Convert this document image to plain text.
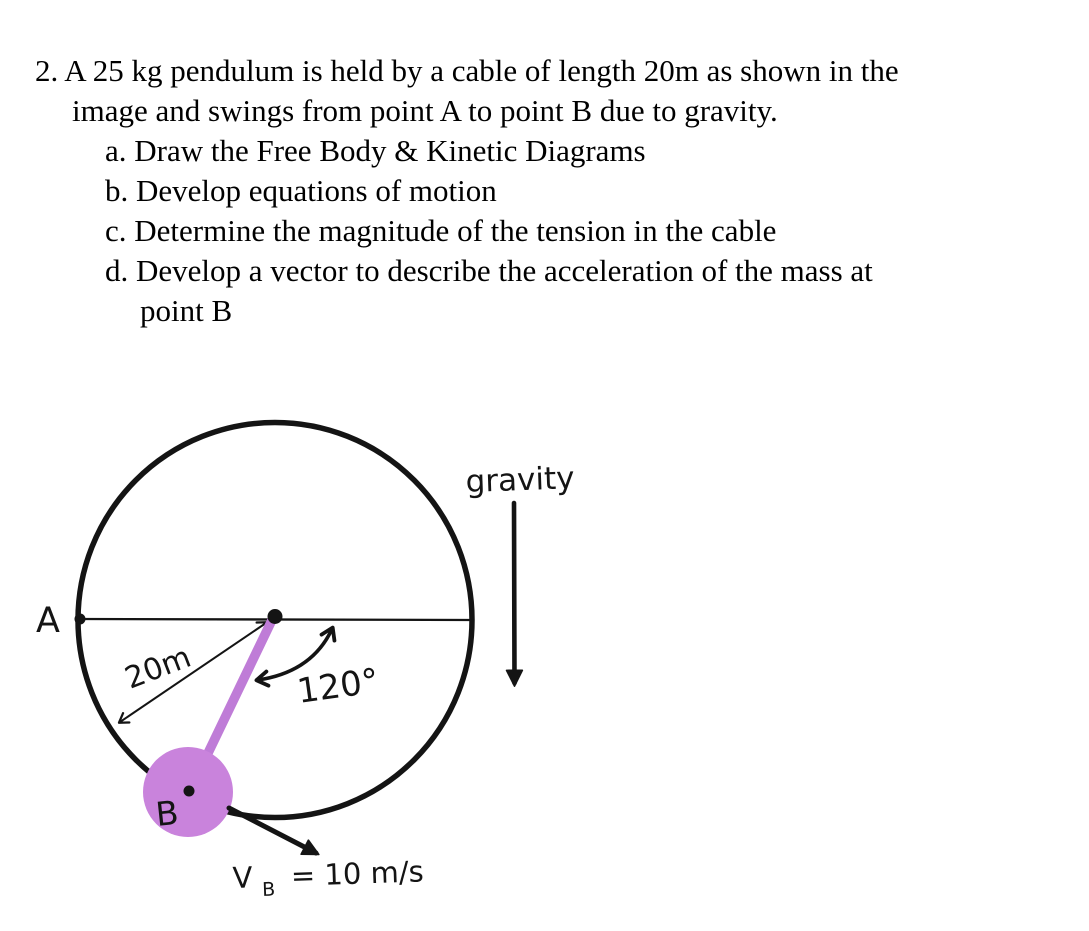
2. A 25 kg pendulum is held by a cable of length 20m as shown in the
image and swings from point A to point B due to gravity.
a. Draw the Free Body & Kinetic Diagrams
b. Develop equations of motion
c. Determine the magnitude of the tension in the cable
d. Develop a vector to describe the acceleration of the mass at
point B
A
20m	120°
B
gravity
V $_B$ = 10 m/s
